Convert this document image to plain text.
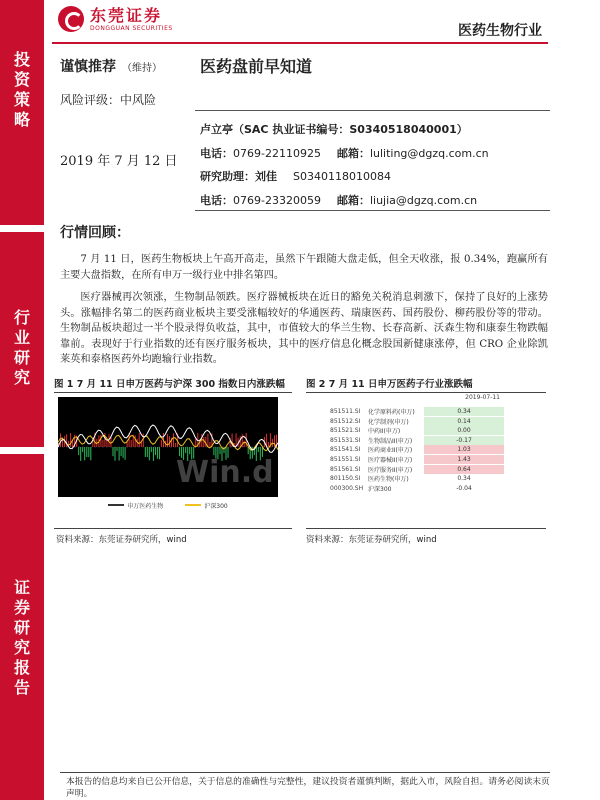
投
资
策
略
行
业
研
究
证
券
研
究
报
告
东莞证券
DONGGUAN SECURITIES	医药生物行业
谨慎推荐 （维持）
风险评级：中风险
2019 年 7 月 12 日
医药盘前早知道
卢立亭（SAC 执业证书编号：S0340518040001）
电话：0769-22110925 邮箱：luliting@dgzq.com.cn
研究助理：刘佳 S0340118010084
电话：0769-23320059 邮箱：liujia@dgzq.com.cn
行情回顾：

7 月 11 日，医药生物板块上午高开高走，虽然下午跟随大盘走低，但全天收涨，报 0.34%，跑赢所有主要大盘指数，在所有申万一级行业中排名第四。

医疗器械再次领涨，生物制品领跌。医疗器械板块在近日的豁免关税消息刺激下，保持了良好的上涨势头。涨幅排名第二的医药商业板块主要受涨幅较好的华通医药、瑞康医药、国药股份、柳药股份等的带动。生物制品板块超过一半个股录得负收益，其中，市值较大的华兰生物、长春高新、沃森生物和康泰生物跌幅靠前。表现好于行业指数的还有医疗服务板块，其中的医疗信息化概念股国新健康涨停，但 CRO 企业除凯莱英和泰格医药外均跑输行业指数。

图 1 7 月 11 日申万医药与沪深 300 指数日内涨跌幅 图 2 7 月 11 日申万医药子行业涨跌幅
Win.d
申万医药生物	沪深300
2019-07-11
851511.SI	化学原料药(申万)	0.34
851512.SI	化学制剂(申万)	0.14
851521.SI	中药II(申万)	0.00
851531.SI	生物制品II(申万)	-0.17
851541.SI	医药商业II(申万)	1.03
851551.SI	医疗器械II(申万)	1.43
851561.SI	医疗服务II(申万)	0.64
801150.SI	医药生物(申万)	0.34
000300.SH 沪深300	-0.04
资料来源：东莞证券研究所，wind	资料来源：东莞证券研究所，wind
本报告的信息均来自已公开信息，关于信息的准确性与完整性，建议投资者谨慎判断，据此入市，风险自担。请务必阅读末页声明。
